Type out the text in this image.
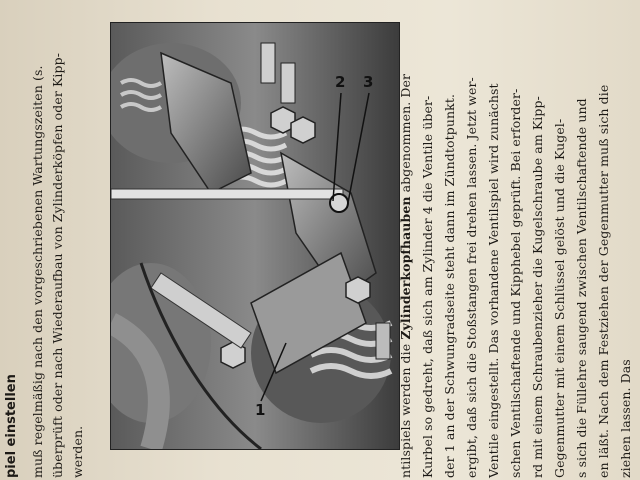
piel einstellen muß regelmäßig nach den vorgeschriebenen Wartungszeiten (s. überprüft oder nach Wiederaufbau von Zylinderköpfen oder Kipp- werden.
2 3
1	ntilspiels werden die Zylinderkopfhauben abgenommen. Der Kurbel so gedreht, daß sich am Zylinder 4 die Ventile über- der 1 an der Schwungradseite steht dann im Zündtotpunkt. ergibt, daß sich die Stoßstangen frei drehen lassen. Jetzt wer- Ventile eingestellt. Das vorhandene Ventilspiel wird zunächst schen Ventilschaftende und Kipphebel geprüft. Bei erforder- rd mit einem Schraubenzieher die Kugelschraube am Kipp- Gegenmutter mit einem Schlüssel gelöst und die Kugel- s sich die Füllehre saugend zwischen Ventilschaftende und en läßt. Nach dem Festziehen der Gegenmutter muß sich die ziehen lassen. Das
